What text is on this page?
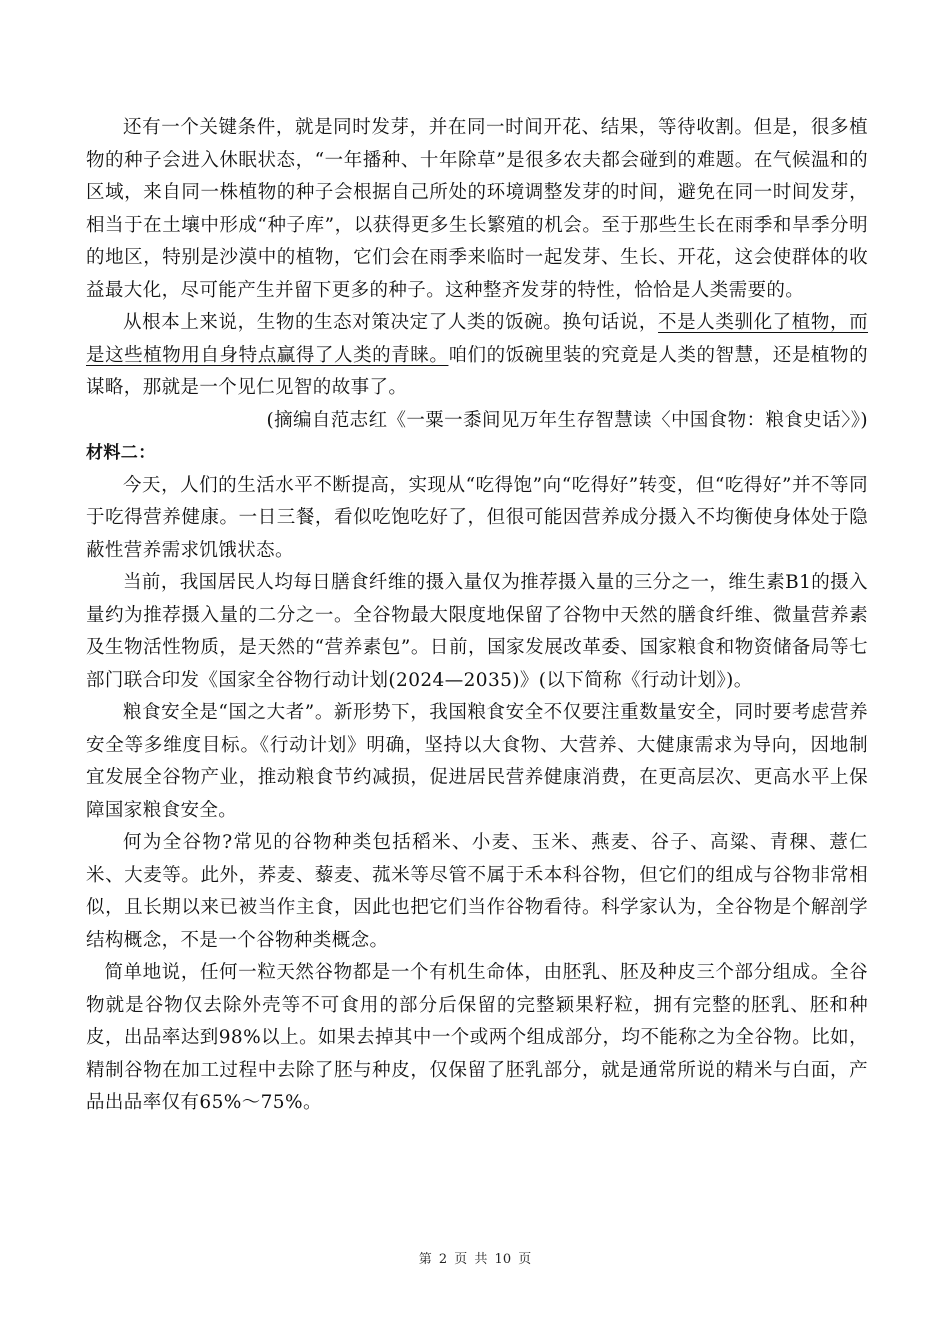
还有一个关键条件，就是同时发芽，并在同一时间开花、结果，等待收割。但是，很多植物的种子会进入休眠状态，“一年播种、十年除草”是很多农夫都会碰到的难题。在气候温和的区域，来自同一株植物的种子会根据自己所处的环境调整发芽的时间，避免在同一时间发芽，相当于在土壤中形成“种子库”，以获得更多生长繁殖的机会。至于那些生长在雨季和旱季分明的地区，特别是沙漠中的植物，它们会在雨季来临时一起发芽、生长、开花，这会使群体的收益最大化，尽可能产生并留下更多的种子。这种整齐发芽的特性，恰恰是人类需要的。

从根本上来说，生物的生态对策决定了人类的饭碗。换句话说，不是人类驯化了植物，而是这些植物用自身特点赢得了人类的青睐。咱们的饭碗里装的究竟是人类的智慧，还是植物的谋略，那就是一个见仁见智的故事了。

(摘编自范志红《一粟一黍间见万年生存智慧读〈中国食物：粮食史话〉》)

材料二：

今天，人们的生活水平不断提高，实现从“吃得饱”向“吃得好”转变，但“吃得好”并不等同于吃得营养健康。一日三餐，看似吃饱吃好了，但很可能因营养成分摄入不均衡使身体处于隐蔽性营养需求饥饿状态。

当前，我国居民人均每日膳食纤维的摄入量仅为推荐摄入量的三分之一，维生素B1的摄入量约为推荐摄入量的二分之一。全谷物最大限度地保留了谷物中天然的膳食纤维、微量营养素及生物活性物质，是天然的“营养素包”。日前，国家发展改革委、国家粮食和物资储备局等七部门联合印发《国家全谷物行动计划(2024—2035)》(以下简称《行动计划》)。

粮食安全是“国之大者”。新形势下，我国粮食安全不仅要注重数量安全，同时要考虑营养安全等多维度目标。《行动计划》明确，坚持以大食物、大营养、大健康需求为导向，因地制宜发展全谷物产业，推动粮食节约减损，促进居民营养健康消费，在更高层次、更高水平上保障国家粮食安全。

何为全谷物?常见的谷物种类包括稻米、小麦、玉米、燕麦、谷子、高粱、青稞、薏仁米、大麦等。此外，荞麦、藜麦、菰米等尽管不属于禾本科谷物，但它们的组成与谷物非常相似，且长期以来已被当作主食，因此也把它们当作谷物看待。科学家认为，全谷物是个解剖学结构概念，不是一个谷物种类概念。

简单地说，任何一粒天然谷物都是一个有机生命体，由胚乳、胚及种皮三个部分组成。全谷物就是谷物仅去除外壳等不可食用的部分后保留的完整颖果籽粒，拥有完整的胚乳、胚和种皮，出品率达到98%以上。如果去掉其中一个或两个组成部分，均不能称之为全谷物。比如，精制谷物在加工过程中去除了胚与种皮，仅保留了胚乳部分，就是通常所说的精米与白面，产品出品率仅有65%～75%。

第 2 页 共 10 页
